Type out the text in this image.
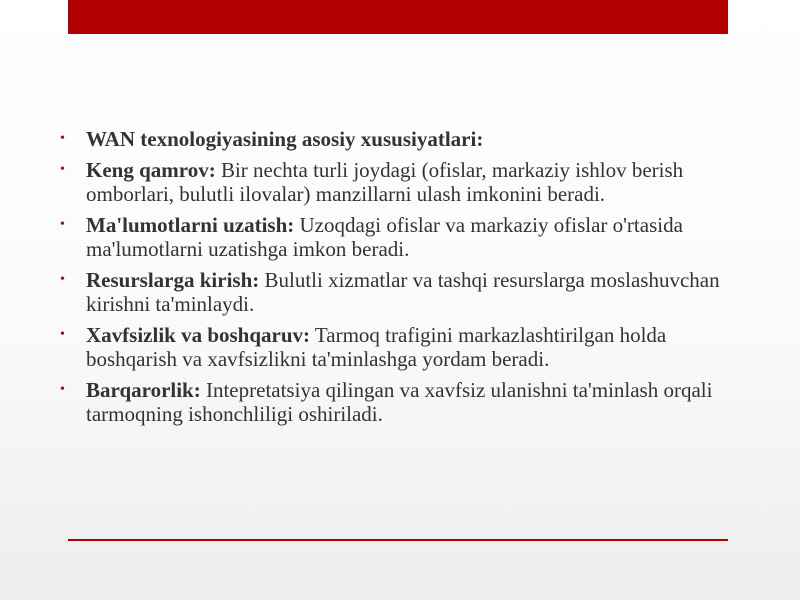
•	WAN texnologiyasining asosiy xususiyatlari:
•	Keng qamrov: Bir nechta turli joydagi (ofislar, markaziy ishlov berish omborlari, bulutli ilovalar) manzillarni ulash imkonini beradi.
•	Ma'lumotlarni uzatish: Uzoqdagi ofislar va markaziy ofislar o'rtasida ma'lumotlarni uzatishga imkon beradi.
•	Resurslarga kirish: Bulutli xizmatlar va tashqi resurslarga moslashuvchan kirishni ta'minlaydi.
•	Xavfsizlik va boshqaruv: Tarmoq trafigini markazlashtirilgan holda boshqarish va xavfsizlikni ta'minlashga yordam beradi.
•	Barqarorlik: Intepretatsiya qilingan va xavfsiz ulanishni ta'minlash orqali tarmoqning ishonchliligi oshiriladi.
